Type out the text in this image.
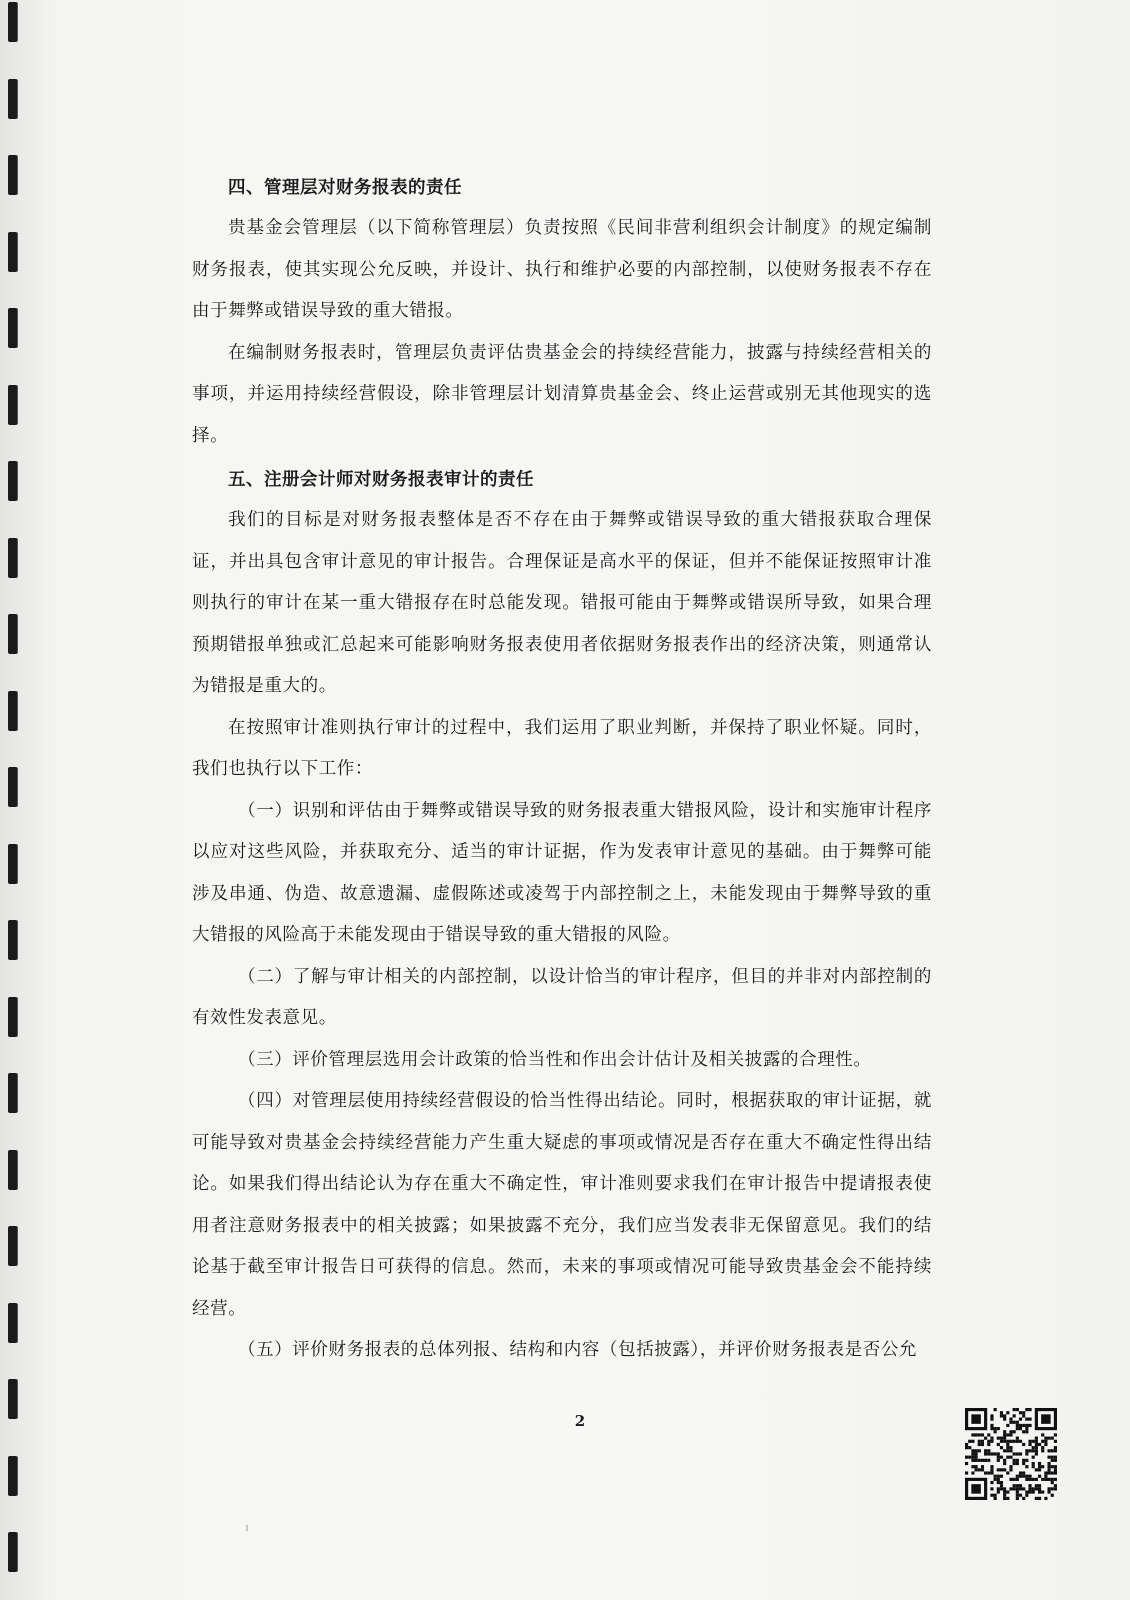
四、管理层对财务报表的责任

贵基金会管理层（以下简称管理层）负责按照《民间非营利组织会计制度》的规定编制财务报表，使其实现公允反映，并设计、执行和维护必要的内部控制，以使财务报表不存在由于舞弊或错误导致的重大错报。

在编制财务报表时，管理层负责评估贵基金会的持续经营能力，披露与持续经营相关的事项，并运用持续经营假设，除非管理层计划清算贵基金会、终止运营或别无其他现实的选择。

五、注册会计师对财务报表审计的责任

我们的目标是对财务报表整体是否不存在由于舞弊或错误导致的重大错报获取合理保证，并出具包含审计意见的审计报告。合理保证是高水平的保证，但并不能保证按照审计准则执行的审计在某一重大错报存在时总能发现。错报可能由于舞弊或错误所导致，如果合理预期错报单独或汇总起来可能影响财务报表使用者依据财务报表作出的经济决策，则通常认为错报是重大的。

在按照审计准则执行审计的过程中，我们运用了职业判断，并保持了职业怀疑。同时，我们也执行以下工作：

（一）识别和评估由于舞弊或错误导致的财务报表重大错报风险，设计和实施审计程序以应对这些风险，并获取充分、适当的审计证据，作为发表审计意见的基础。由于舞弊可能涉及串通、伪造、故意遗漏、虚假陈述或凌驾于内部控制之上，未能发现由于舞弊导致的重大错报的风险高于未能发现由于错误导致的重大错报的风险。

（二）了解与审计相关的内部控制，以设计恰当的审计程序，但目的并非对内部控制的有效性发表意见。

（三）评价管理层选用会计政策的恰当性和作出会计估计及相关披露的合理性。

（四）对管理层使用持续经营假设的恰当性得出结论。同时，根据获取的审计证据，就可能导致对贵基金会持续经营能力产生重大疑虑的事项或情况是否存在重大不确定性得出结论。如果我们得出结论认为存在重大不确定性，审计准则要求我们在审计报告中提请报表使用者注意财务报表中的相关披露；如果披露不充分，我们应当发表非无保留意见。我们的结论基于截至审计报告日可获得的信息。然而，未来的事项或情况可能导致贵基金会不能持续经营。

（五）评价财务报表的总体列报、结构和内容（包括披露），并评价财务报表是否公允

2
